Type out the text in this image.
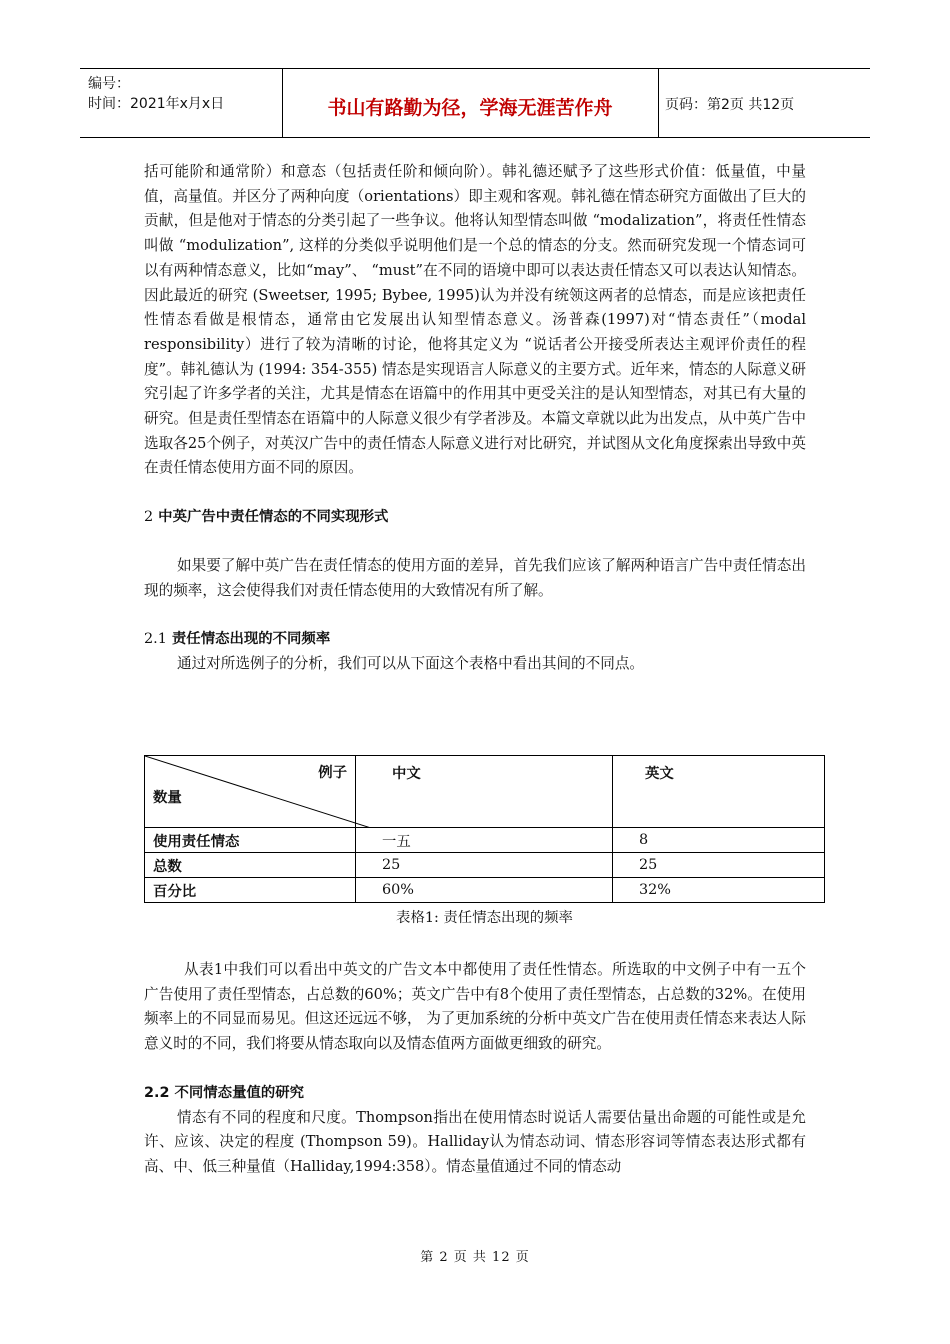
编号：
时间：2021年x月x日	书山有路勤为径，学海无涯苦作舟	页码：第2页 共12页

括可能阶和通常阶）和意态（包括责任阶和倾向阶）。韩礼德还赋予了这些形式价值：低量值，中量值，高量值。并区分了两种向度（orientations）即主观和客观。韩礼德在情态研究方面做出了巨大的贡献，但是他对于情态的分类引起了一些争议。他将认知型情态叫做 “modalization”，将责任性情态叫做 “modulization”, 这样的分类似乎说明他们是一个总的情态的分支。然而研究发现一个情态词可以有两种情态意义，比如“may”、 “must”在不同的语境中即可以表达责任情态又可以表达认知情态。因此最近的研究 (Sweetser, 1995; Bybee, 1995)认为并没有统领这两者的总情态，而是应该把责任性情态看做是根情态，通常由它发展出认知型情态意义。汤普森(1997)对“情态责任”（modal responsibility）进行了较为清晰的讨论，他将其定义为 “说话者公开接受所表达主观评价责任的程度”。韩礼德认为 (1994: 354-355) 情态是实现语言人际意义的主要方式。近年来，情态的人际意义研究引起了许多学者的关注，尤其是情态在语篇中的作用其中更受关注的是认知型情态，对其已有大量的研究。但是责任型情态在语篇中的人际意义很少有学者涉及。本篇文章就以此为出发点，从中英广告中选取各25个例子，对英汉广告中的责任情态人际意义进行对比研究，并试图从文化角度探索出导致中英在责任情态使用方面不同的原因。

2 中英广告中责任情态的不同实现形式

如果要了解中英广告在责任情态的使用方面的差异，首先我们应该了解两种语言广告中责任情态出现的频率，这会使得我们对责任情态使用的大致情况有所了解。

2.1 责任情态出现的不同频率

通过对所选例子的分析，我们可以从下面这个表格中看出其间的不同点。

例子
数量	中文	英文
使用责任情态	一五	8
总数	25	25
百分比	60%	32%
表格1: 责任情态出现的频率

从表1中我们可以看出中英文的广告文本中都使用了责任性情态。所选取的中文例子中有一五个广告使用了责任型情态，占总数的60%；英文广告中有8个使用了责任型情态，占总数的32%。在使用频率上的不同显而易见。但这还远远不够， 为了更加系统的分析中英文广告在使用责任情态来表达人际意义时的不同，我们将要从情态取向以及情态值两方面做更细致的研究。

2.2 不同情态量值的研究

情态有不同的程度和尺度。Thompson指出在使用情态时说话人需要估量出命题的可能性或是允许、应该、决定的程度 (Thompson 59)。Halliday认为情态动词、情态形容词等情态表达形式都有高、中、低三种量值（Halliday,1994:358）。情态量值通过不同的情态动

第 2 页 共 12 页
